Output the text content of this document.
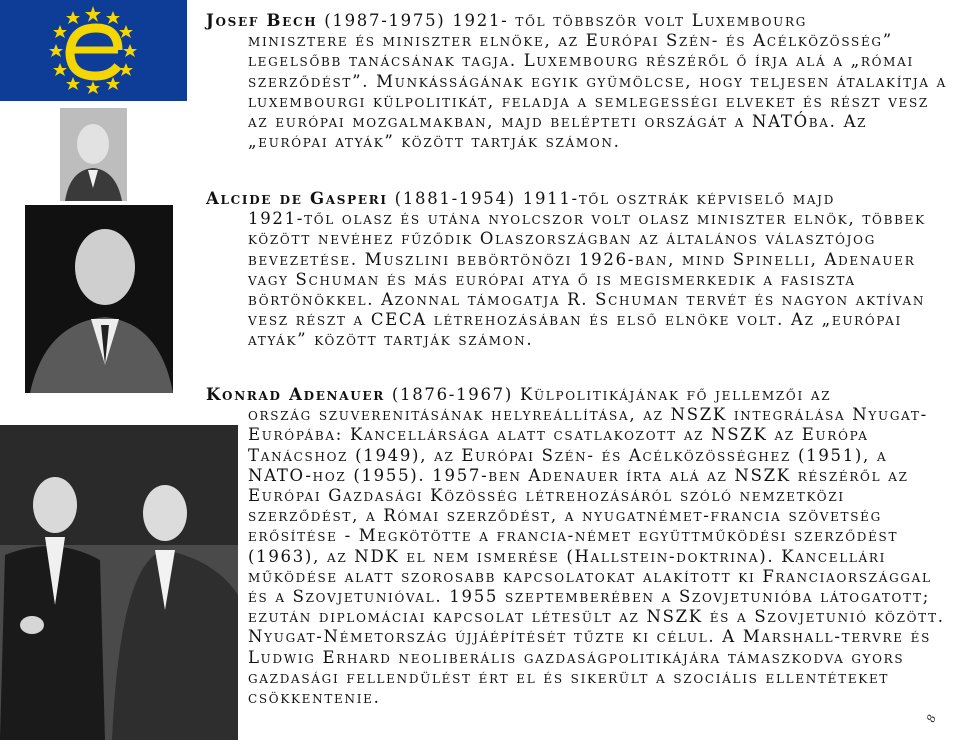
Josef Bech (1987-1975) 1921- től többször volt Luxembourg

minisztere és miniszter elnöke, az Európai Szén- és Acélközösség” legelsőbb tanácsának tagja. Luxembourg részéről ő írja alá a „római szerződést”. Munkásságának egyik gyümölcse, hogy teljesen átalakítja a luxembourgi külpolitikát, feladja a semlegességi elveket és részt vesz az európai mozgalmakban, majd belépteti országát a NATÓba. Az „európai atyák” között tartják számon.

Alcide de Gasperi (1881-1954) 1911-től osztrák képviselő majd

1921-től olasz és utána nyolcszor volt olasz miniszter elnök, többek között nevéhez fűződik Olaszországban az általános választójog bevezetése. Muszlini bebörtönözi 1926-ban, mind Spinelli, Adenauer vagy Schuman és más európai atya ő is megismerkedik a fasiszta börtönökkel. Azonnal támogatja R. Schuman tervét és nagyon aktívan vesz részt a CECA létrehozásában és első elnöke volt. Az „európai atyák” között tartják számon.

Konrad Adenauer (1876-1967) Külpolitikájának fő jellemzői az

ország szuverenitásának helyreállítása, az NSZK integrálása Nyugat-Európába: Kancellársága alatt csatlakozott az NSZK az Európa Tanácshoz (1949), az Európai Szén- és Acélközösséghez (1951), a NATO-hoz (1955). 1957-ben Adenauer írta alá az NSZK részéről az Európai Gazdasági Közösség létrehozásáról szóló nemzetközi szerződést, a Római szerződést, a nyugatnémet-francia szövetség erősítése - Megkötötte a francia-német együttműködési szerződést (1963), az NDK el nem ismerése (Hallstein-doktrina). Kancellári működése alatt szorosabb kapcsolatokat alakított ki Franciaországgal és a Szovjetunióval. 1955 szeptemberében a Szovjetunióba látogatott; ezután diplomáciai kapcsolat létesült az NSZK és a Szovjetunió között. Nyugat-Németország újjáépítését tűzte ki célul. A Marshall-tervre és Ludwig Erhard neoliberális gazdaságpolitikájára támaszkodva gyors gazdasági fellendülést ért el és sikerült a szociális ellentéteket csökkentenie.

8
